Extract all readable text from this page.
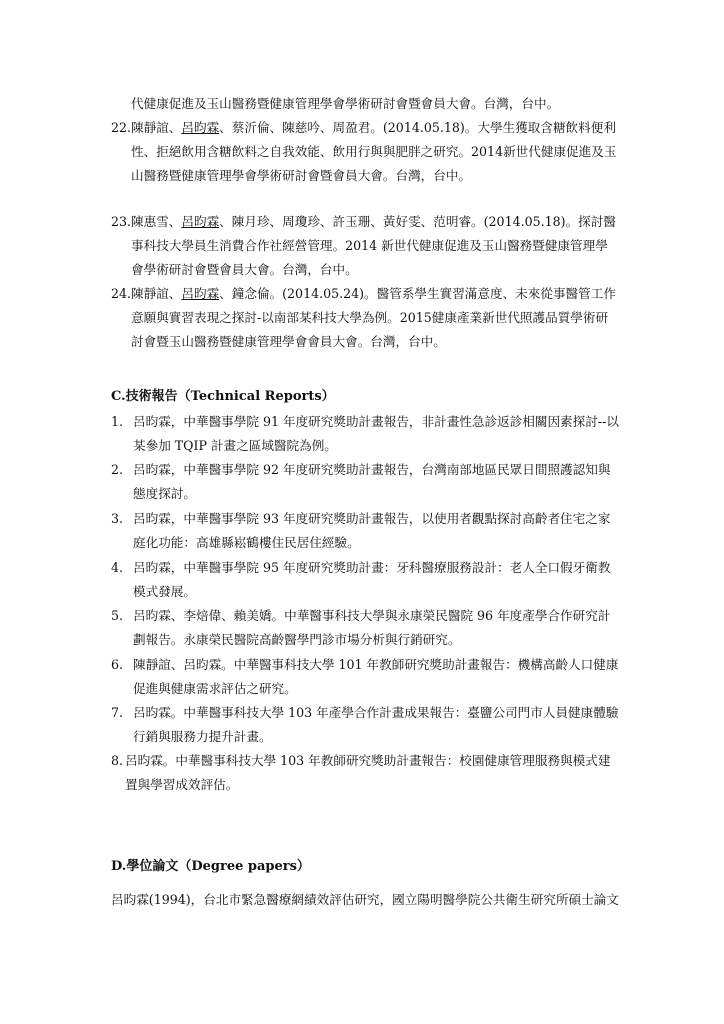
代健康促進及玉山醫務暨健康管理學會學術研討會暨會員大會。台灣，台中。
22. 陳靜誼、呂昀霖、蔡沂倫、陳慈吟、周盈君。(2014.05.18)。大學生獲取含糖飲料便利性、拒絕飲用含糖飲料之自我效能、飲用行與與肥胖之研究。2014新世代健康促進及玉山醫務暨健康管理學會學術研討會暨會員大會。台灣，台中。
23. 陳惠雪、呂昀霖、陳月珍、周瓊珍、許玉珊、黃好雯、范明睿。(2014.05.18)。探討醫事科技大學員生消費合作社經營管理。2014 新世代健康促進及玉山醫務暨健康管理學會學術研討會暨會員大會。台灣，台中。
24. 陳靜誼、呂昀霖、鐘念倫。(2014.05.24)。醫管系學生實習滿意度、未來從事醫管工作意願與實習表現之探討-以南部某科技大學為例。2015健康產業新世代照護品質學術研討會暨玉山醫務暨健康管理學會會員大會。台灣，台中。
C.技術報告（Technical Reports）
1. 呂昀霖，中華醫事學院 91 年度研究獎助計畫報告，非計畫性急診返診相關因素探討--以某參加 TQIP 計畫之區域醫院為例。
2. 呂昀霖，中華醫事學院 92 年度研究獎助計畫報告，台灣南部地區民眾日間照護認知與態度探討。
3. 呂昀霖，中華醫事學院 93 年度研究獎助計畫報告，以使用者觀點探討高齡者住宅之家庭化功能：高雄縣崧鶴樓住民居住經驗。
4. 呂昀霖，中華醫事學院 95 年度研究獎助計畫：牙科醫療服務設計：老人全口假牙衛教模式發展。
5. 呂昀霖、李焙偉、賴美嬌。中華醫事科技大學與永康榮民醫院 96 年度產學合作研究計劃報告。永康榮民醫院高齡醫學門診市場分析與行銷研究。
6. 陳靜誼、呂昀霖。中華醫事科技大學 101 年教師研究獎助計畫報告：機構高齡人口健康促進與健康需求評估之研究。
7. 呂昀霖。中華醫事科技大學 103 年產學合作計畫成果報告：臺鹽公司門市人員健康體驗行銷與服務力提升計畫。
8. 呂昀霖。中華醫事科技大學 103 年教師研究獎助計畫報告：校園健康管理服務與模式建置與學習成效評估。
D.學位論文（Degree papers）
呂昀霖(1994)，台北市緊急醫療網績效評估研究，國立陽明醫學院公共衛生研究所碩士論文
